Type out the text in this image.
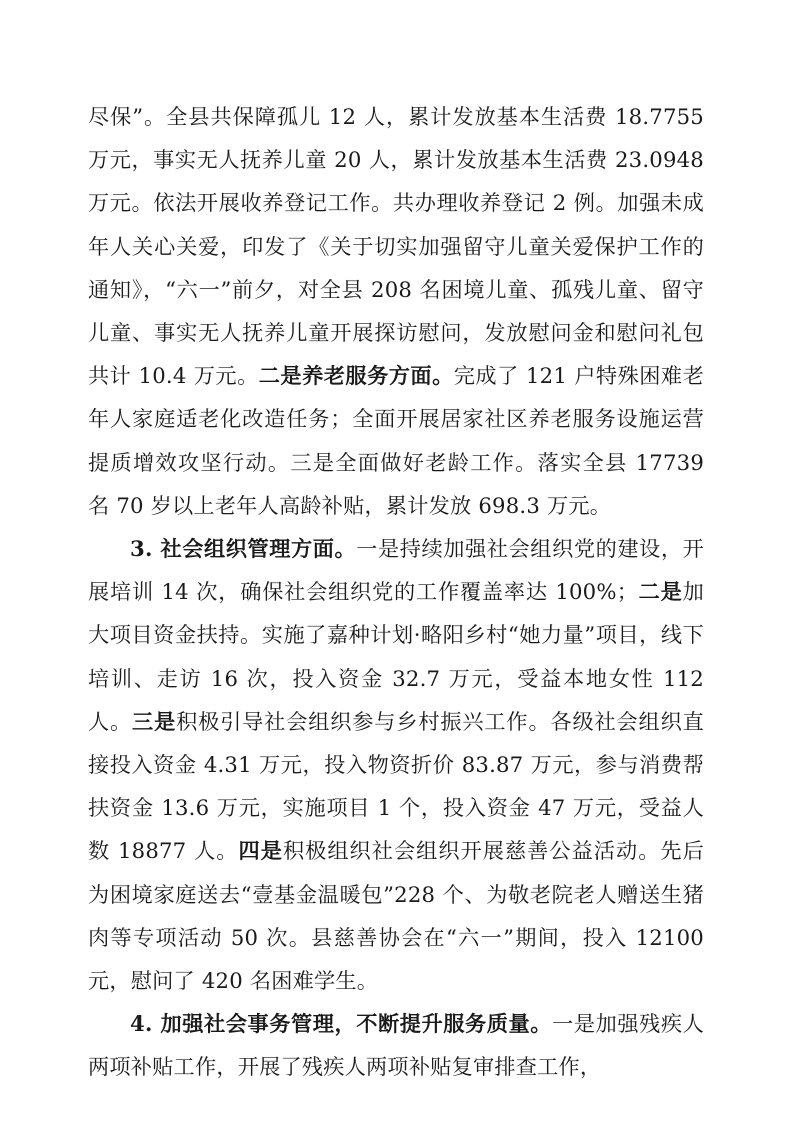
尽保”。全县共保障孤儿 12 人，累计发放基本生活费 18.7755 万元，事实无人抚养儿童 20 人，累计发放基本生活费 23.0948 万元。依法开展收养登记工作。共办理收养登记 2 例。加强未成年人关心关爱，印发了《关于切实加强留守儿童关爱保护工作的通知》，“六一”前夕，对全县 208 名困境儿童、孤残儿童、留守儿童、事实无人抚养儿童开展探访慰问，发放慰问金和慰问礼包共计 10.4 万元。二是养老服务方面。完成了 121 户特殊困难老年人家庭适老化改造任务；全面开展居家社区养老服务设施运营提质增效攻坚行动。三是全面做好老龄工作。落实全县 17739 名 70 岁以上老年人高龄补贴，累计发放 698.3 万元。

3. 社会组织管理方面。一是持续加强社会组织党的建设，开展培训 14 次，确保社会组织党的工作覆盖率达 100%；二是加大项目资金扶持。实施了嘉种计划·略阳乡村“她力量”项目，线下培训、走访 16 次，投入资金 32.7 万元，受益本地女性 112 人。三是积极引导社会组织参与乡村振兴工作。各级社会组织直接投入资金 4.31 万元，投入物资折价 83.87 万元，参与消费帮扶资金 13.6 万元，实施项目 1 个，投入资金 47 万元，受益人数 18877 人。四是积极组织社会组织开展慈善公益活动。先后为困境家庭送去“壹基金温暖包”228 个、为敬老院老人赠送生猪肉等专项活动 50 次。县慈善协会在“六一”期间，投入 12100 元，慰问了 420 名困难学生。

4. 加强社会事务管理，不断提升服务质量。一是加强残疾人两项补贴工作，开展了残疾人两项补贴复审排查工作，
